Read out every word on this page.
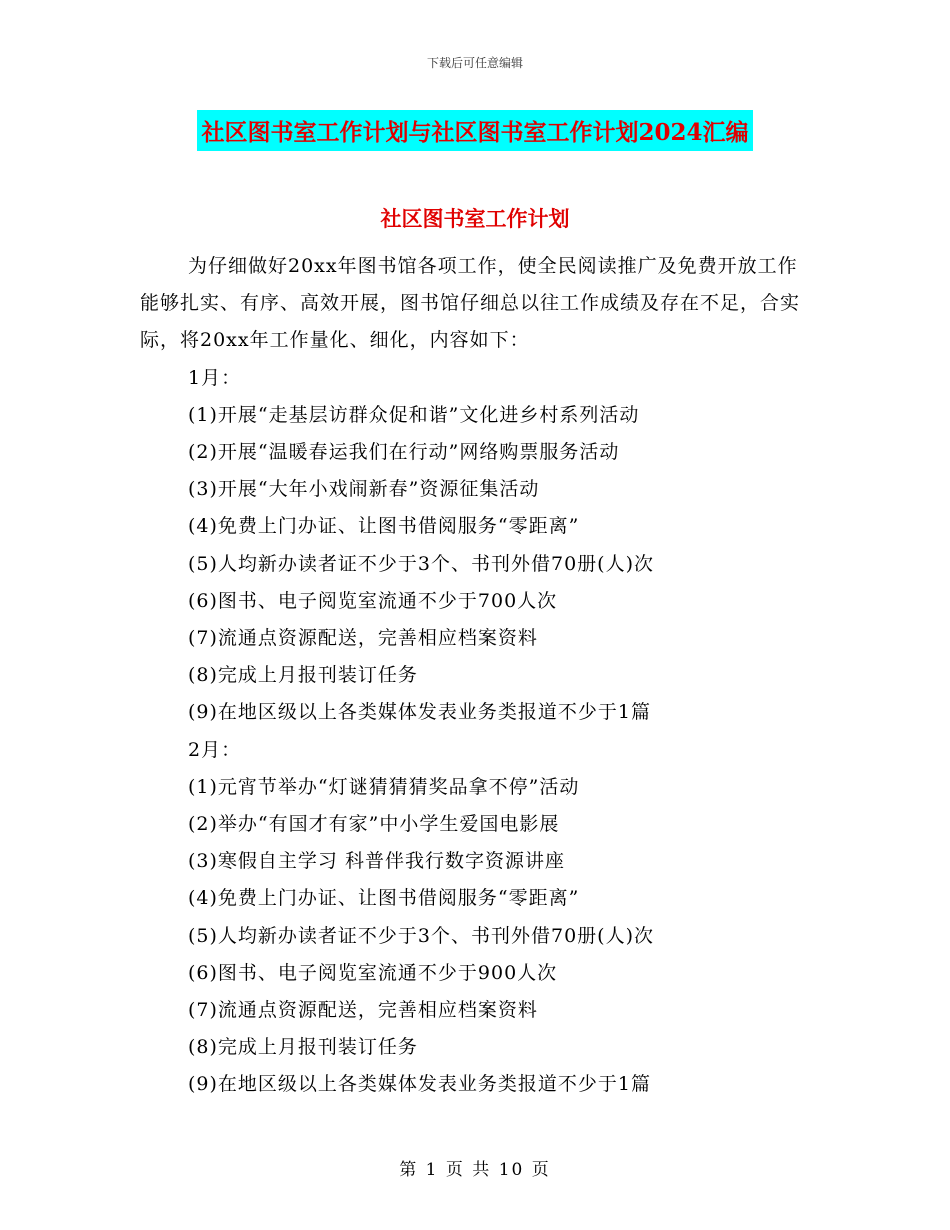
下载后可任意编辑
社区图书室工作计划与社区图书室工作计划2024汇编
社区图书室工作计划

为仔细做好20xx年图书馆各项工作，使全民阅读推广及免费开放工作能够扎实、有序、高效开展，图书馆仔细总以往工作成绩及存在不足，合实际，将20xx年工作量化、细化，内容如下：

1月：

(1)开展“走基层访群众促和谐”文化进乡村系列活动

(2)开展“温暖春运我们在行动”网络购票服务活动

(3)开展“大年小戏闹新春”资源征集活动

(4)免费上门办证、让图书借阅服务“零距离”

(5)人均新办读者证不少于3个、书刊外借70册(人)次

(6)图书、电子阅览室流通不少于700人次

(7)流通点资源配送，完善相应档案资料

(8)完成上月报刊装订任务

(9)在地区级以上各类媒体发表业务类报道不少于1篇

2月：

(1)元宵节举办“灯谜猜猜猜奖品拿不停”活动

(2)举办“有国才有家”中小学生爱国电影展

(3)寒假自主学习 科普伴我行数字资源讲座

(4)免费上门办证、让图书借阅服务“零距离”

(5)人均新办读者证不少于3个、书刊外借70册(人)次

(6)图书、电子阅览室流通不少于900人次

(7)流通点资源配送，完善相应档案资料

(8)完成上月报刊装订任务

(9)在地区级以上各类媒体发表业务类报道不少于1篇

第 1 页 共 10 页
